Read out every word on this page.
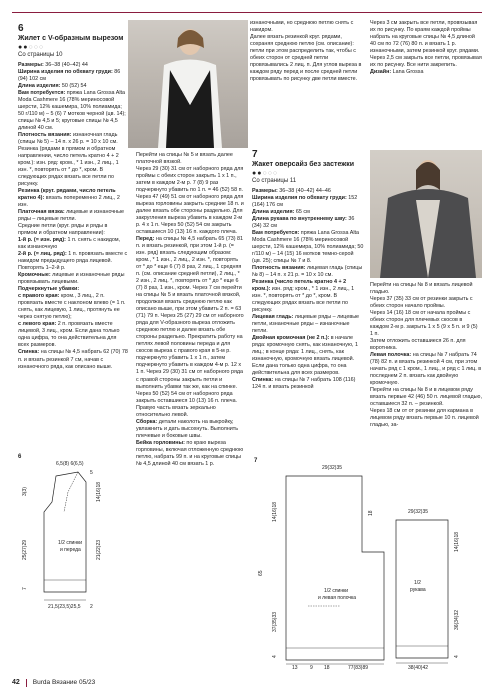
6
Жилет с V-образным вырезом
●●○○○
Со страницы 10

Размеры: 36–38 (40–42) 44

Ширина изделия по обхвату груди: 86 (94) 102 см

Длина изделия: 50 (52) 54

Вам потребуется: пряжа Lana Grossa Alta Moda Cashmere 16 (78% мериносовой шерсти, 12% кашемира, 10% полиамида; 50 г/110 м) – 5 (6) 7 мотков черной (цв. 14); спицы № 4,5 и 5; круговые спицы № 4,5 длиной 40 см.

Плотность вязания: изнаночная гладь (спицы № 5) – 14 п. x 26 р. = 10 x 10 см.

Резинка (рядами в прямом и обратном направлении, число петель кратно 4 + 2 кром.): изн. ряд: кром., * 1 изн., 2 лиц., 1 изн. *, повторять от * до *, кром. В следующих рядах вязать все петли по рисунку.

Резинка (круг. рядами, число петель кратно 4): вязать попеременно 2 лиц., 2 изн.

Платочная вязка: лицевые и изнаночные ряды – лицевые петли.

Средние петли (круг. ряды и ряды в прямом и обратном направлении):

1-й р. (= изн. ряд): 1 п. снять с накидом, как изнаночную

2-й р. (= лиц. ряд): 1 п. провязать вместе с накидом предыдущего ряда лицевой. Повторять 1–2-й р.

Кромочные: лицевые и изнаночные ряды провязывать лицевыми.

Подчеркнутые убавки:

с правого края: кром., 3 лиц., 2 п. провязать вместе с наклоном влево (= 1 п. снять, как лицевую, 1 лиц., протянуть ее через снятую петлю);

с левого края: 2 п. провязать вместе лицевой, 3 лиц., кром. Если дана только одна цифра, то она действительна для всех размеров.

Спинка: на спицы № 4,5 набрать 62 (70) 78 п. и вязать резинкой 7 см, начав с изнаночного ряда, как описано выше.

Перейти на спицы № 5 и вязать далее платочной вязкой.

Через 29 (30) 31 см от наборного ряда для проймы с обеих сторон закрыть 1 x 1 п., затем в каждом 2-м р. 7 (8) 9 раз подчеркнуто убавить по 1 п. = 46 (52) 58 п. Через 47 (49) 51 см от наборного ряда для выреза горловины закрыть средние 18 п. и далее вязать обе стороны раздельно. Для закругления выреза убавить в каждом 2-м р. 4 x 1 п. Через 50 (52) 54 см закрыть оставшиеся 10 (13) 16 п. каждого плеча.

Перед: на спицы № 4,5 набрать 65 (73) 81 п. и вязать резинкой, при этом 1-й р. (= изн. ряд) вязать следующим образом: кром., * 1 изн., 2 лиц., 2 изн. *, повторять от * до * еще 6 (7) 8 раз, 2 лиц., 1 средняя п. (см. описание средней петли), 2 лиц., * 2 изн., 2 лиц. *, повторять от * до * еще 6 (7) 8 раз, 1 изн., кром. Через 7 см перейти на спицы № 5 и вязать платочной вязкой, продолжая вязать среднюю петлю как описано выше, при этом убавить 2 п. = 63 (71) 79 п. Через 25 (27) 29 см от наборного ряда для V-образного выреза отложить среднюю петлю и далее вязать обе стороны раздельно. Прекратить работу на петлях левой половины переда и для скосов выреза с правого края в 5-м р. подчеркнуто убавить 1 x 1 п., затем подчеркнуто убавить в каждом 4-м р. 12 x 1 п. Через 29 (30) 31 см от наборного ряда с правой стороны закрыть петли и выполнить убавки так же, как на спинке. Через 50 (52) 54 см от наборного ряда закрыть оставшиеся 10 (13) 16 п. плеча.

Правую часть вязать зеркально относительно левой.

Сборка: детали наколоть на выкройку, увлажнить и дать высохнуть. Выполнить плечевые и боковые швы.

Бейка горловины: по краю выреза горловины, включая отложенную среднюю петлю, набрать 99 п. и на круговые спицы № 4,5 длиной 40 см вязать 1 р.

изнаночными, но среднюю петлю снять с накидом.

Далее вязать резинкой круг. рядами, сохраняя среднюю петлю (см. описание): петли при этом распределить так, чтобы с обеих сторон от средней петли провязывались 2 лиц. п. Для углов выреза в каждом ряду перед и после средней петли провязывать по рисунку две петли вместе.

Через 3 см закрыть все петли, провязывая их по рисунку. По краям каждой проймы набрать на круговые спицы № 4,5 длиной 40 см по 72 (76) 80 п. и вязать 1 р. изнаночными, затем резинкой круг. рядами. Через 2,5 см закрыть все петли, провязывая их по рисунку. Все нити закрепить.

Дизайн: Lana Grossa

7
Жакет оверсайз без застежки
●●○○○
Со страницы 11

Размеры: 36–38 (40–42) 44–46

Ширина изделия по обхвату груди: 152 (164) 176 см

Длина изделия: 65 см

Длина рукава по внутреннему шву: 36 (34) 32 см

Вам потребуется: пряжа Lana Grossa Alta Moda Cashmere 16 (78% мериносовой шерсти, 12% кашемира, 10% полиамида; 50 г/110 м) – 14 (15) 16 мотков темно-серой (цв. 25); спицы № 7 и 8.

Плотность вязания: лицевая гладь (спицы № 8) – 14 п. x 21 р. = 10 x 10 см.

Резинка (число петель кратно 4 + 2 кром.): изн. ряд: кром., * 1 изн., 2 лиц., 1 изн. *, повторять от * до *, кром. В следующих рядах вязать все петли по рисунку.

Лицевая гладь: лицевые ряды – лицевые петли, изнаночные ряды – изнаночные петли.

Двойная кромочная (не 2 п.): в начале ряда: кромочную снять, как изнаночную, 1 лиц.; в конце ряда: 1 лиц., снять, как изнаночную, кромочную вязать лицевой. Если дана только одна цифра, то она действительна для всех размеров.

Спинка: на спицы № 7 набрать 108 (116) 124 п. и вязать резинкой

Перейти на спицы № 8 и вязать лицевой гладью.

Через 37 (35) 33 см от резинки закрыть с обеих сторон начало проймы.

Через 14 (16) 18 см от начала проймы с обеих сторон для плечевых скосов в каждом 2-м р. закрыть 1 x 5 (9 x 5 п. и 9 (5) 1 п.

Затем отложить оставшиеся 26 п. для воротника.

Левая полочка: на спицы № 7 набрать 74 (78) 82 п. и вязать резинкой 4 см, при этом начать ряд с 1 кром., 1 лиц., и ряд с 1 лиц. в последнем 2 п. вязать как двойную кромочную.

Перейти на спицы № 8 и в лицевом ряду вязать первые 42 (46) 50 п. лицевой гладью, оставшиеся 32 п. – резинкой.

Через 18 см от от резинки для кармана в лицевом ряду вязать первые 10 п. лицевой гладью, за-

6
1/2 спинки
и переда
6,5(8) 6(6,5)
5
3(3)
25(27)29
7
14(16)18
21(22)23
21,5(23,5)25,5 2
7
1/2 спинки
и левая полочка
29(32)35
65
14(16)18
37(35)33
4
18
13 9 18	77(83)89
1/2
рукава
29(32)35
14(16)18
36(34)32
4
38(40)42
42 Burda Вязание
05/23
